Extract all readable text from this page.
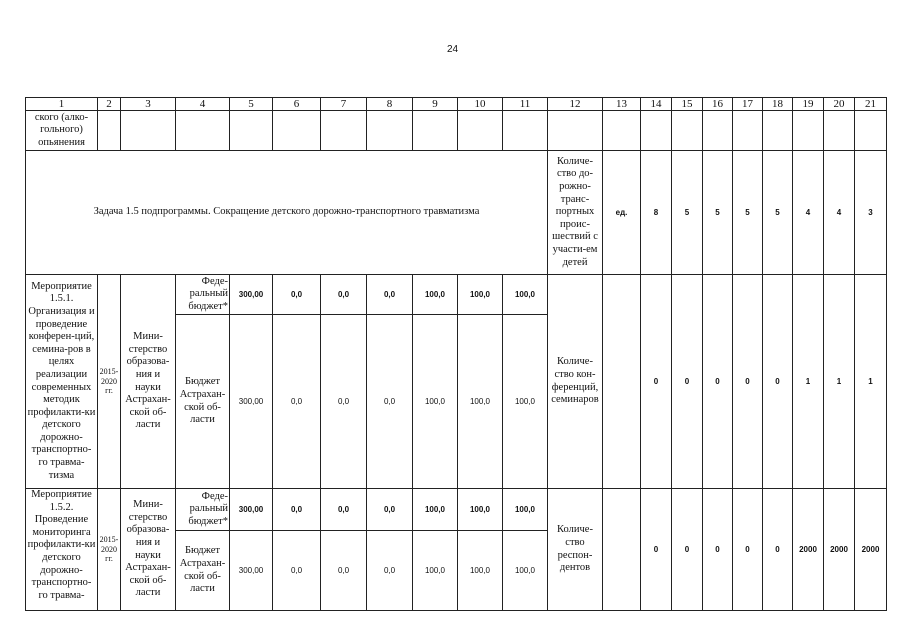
24
1	2	3	4	5	6	7	8	9	10	11	12	13	14	15	16	17	18	19	20	21
ского (алко-гольного) опьянения																				
Задача 1.5 подпрограммы. Сокращение детского дорожно-транспортного травматизма											Количе-ство до-рожно-транс-портных проис-шествий с участи-ем детей	ед.	8	5	5	5	5	4	4	3
Мероприятие 1.5.1. Организация и проведение конферен-ций, семина-ров в целях реализации современных методик профилакти-ки детского дорожно-транспортно-го травма-тизма	2015-2020 гг.	Мини-стерство образова-ния и науки Астрахан-ской об-ласти	Феде-ральный бюджет*	300,00	0,0	0,0	0,0	100,0	100,0	100,0	Количе-ство кон-ференций, семинаров		0	0	0	0	0	1	1	1
			Бюджет Астрахан-ской об-ласти	300,00	0,0	0,0	0,0	100,0	100,0	100,0										
Мероприятие 1.5.2. Проведение мониторинга профилакти-ки детского дорожно-транспортно-го травма-	2015-2020 гг.	Мини-стерство образова-ния и науки Астрахан-ской об-ласти	Феде-ральный бюджет*	300,00	0,0	0,0	0,0	100,0	100,0	100,0	Количе-ство респон-дентов		0	0	0	0	0	2000	2000	2000
			Бюджет Астрахан-ской об-ласти	300,00	0,0	0,0	0,0	100,0	100,0	100,0										
